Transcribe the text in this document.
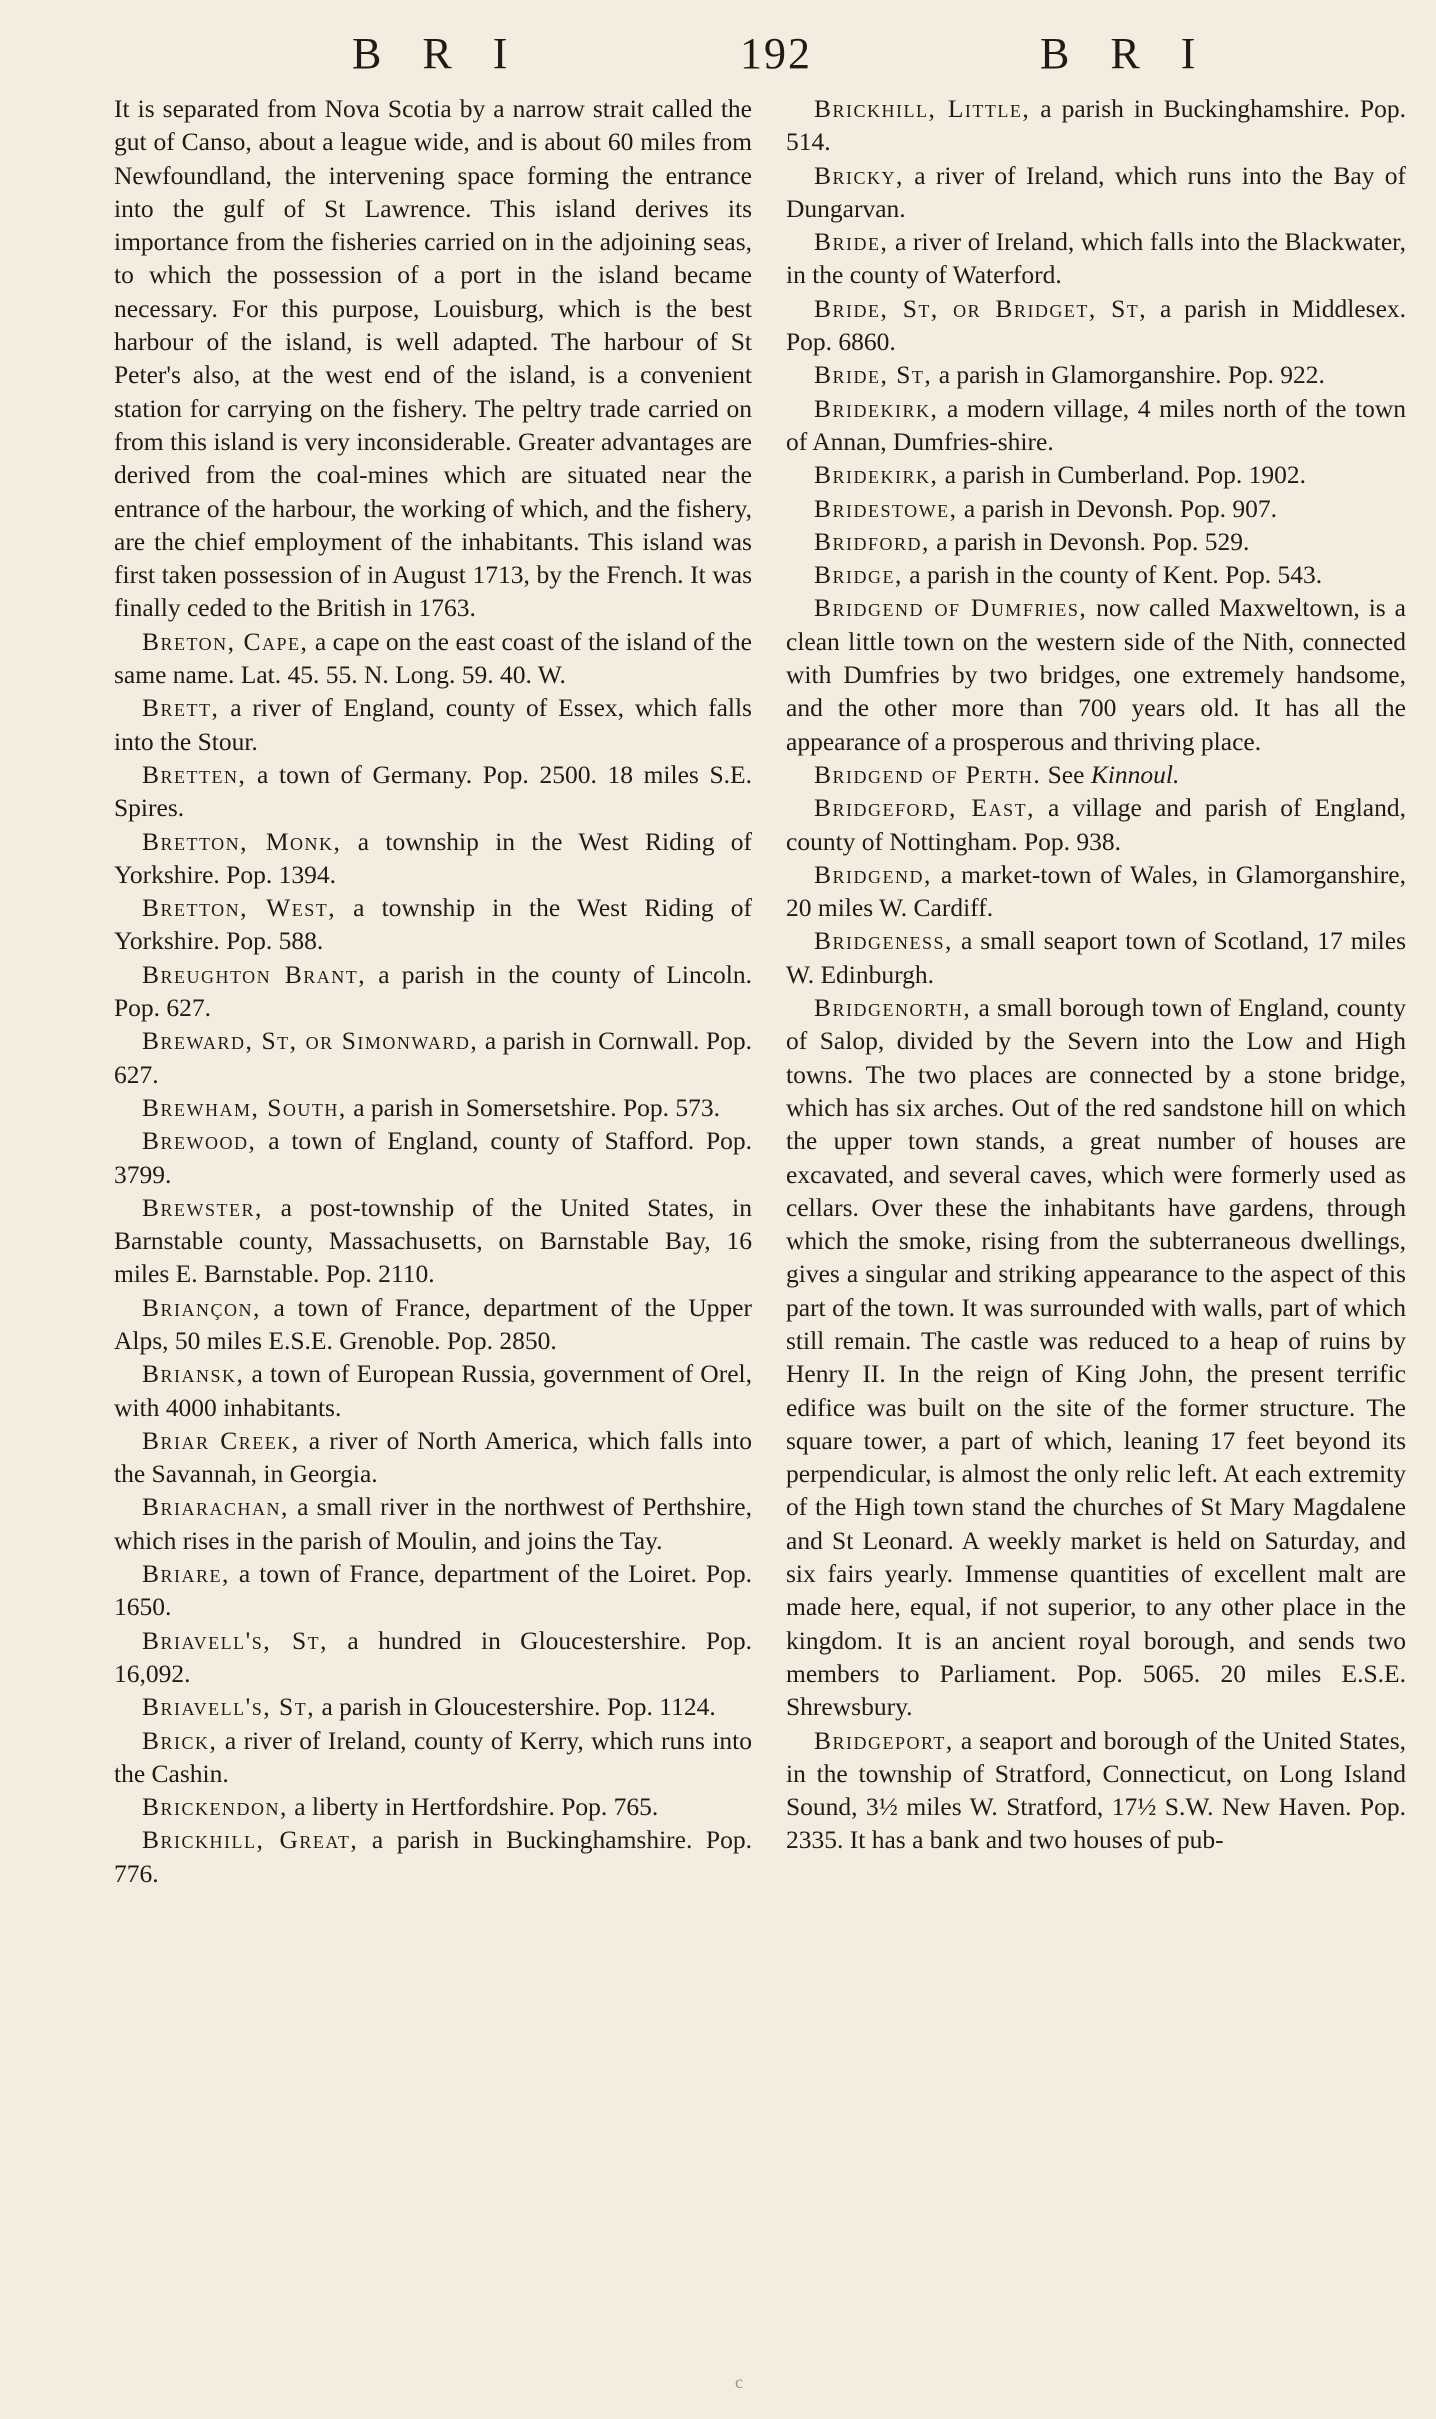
B R I	192	B R I

It is separated from Nova Scotia by a narrow strait called the gut of Canso, about a league wide, and is about 60 miles from Newfoundland, the intervening space forming the entrance into the gulf of St Lawrence. This island derives its importance from the fisheries carried on in the adjoining seas, to which the possession of a port in the island became necessary. For this purpose, Louisburg, which is the best harbour of the island, is well adapted. The harbour of St Peter's also, at the west end of the island, is a convenient station for carrying on the fishery. The peltry trade carried on from this island is very inconsiderable. Greater advantages are derived from the coal-mines which are situated near the entrance of the harbour, the working of which, and the fishery, are the chief employment of the inhabitants. This island was first taken possession of in August 1713, by the French. It was finally ceded to the British in 1763.

Breton, Cape, a cape on the east coast of the island of the same name. Lat. 45. 55. N. Long. 59. 40. W.

Brett, a river of England, county of Essex, which falls into the Stour.

Bretten, a town of Germany. Pop. 2500. 18 miles S.E. Spires.

Bretton, Monk, a township in the West Riding of Yorkshire. Pop. 1394.

Bretton, West, a township in the West Riding of Yorkshire. Pop. 588.

Breughton Brant, a parish in the county of Lincoln. Pop. 627.

Breward, St, or Simonward, a parish in Cornwall. Pop. 627.

Brewham, South, a parish in Somersetshire. Pop. 573.

Brewood, a town of England, county of Stafford. Pop. 3799.

Brewster, a post-township of the United States, in Barnstable county, Massachusetts, on Barnstable Bay, 16 miles E. Barnstable. Pop. 2110.

Briançon, a town of France, department of the Upper Alps, 50 miles E.S.E. Grenoble. Pop. 2850.

Briansk, a town of European Russia, government of Orel, with 4000 inhabitants.

Briar Creek, a river of North America, which falls into the Savannah, in Georgia.

Briarachan, a small river in the northwest of Perthshire, which rises in the parish of Moulin, and joins the Tay.

Briare, a town of France, department of the Loiret. Pop. 1650.

Briavell's, St, a hundred in Gloucestershire. Pop. 16,092.

Briavell's, St, a parish in Gloucestershire. Pop. 1124.

Brick, a river of Ireland, county of Kerry, which runs into the Cashin.

Brickendon, a liberty in Hertfordshire. Pop. 765.

Brickhill, Great, a parish in Buckinghamshire. Pop. 776.

Brickhill, Little, a parish in Buckinghamshire. Pop. 514.

Bricky, a river of Ireland, which runs into the Bay of Dungarvan.

Bride, a river of Ireland, which falls into the Blackwater, in the county of Waterford.

Bride, St, or Bridget, St, a parish in Middlesex. Pop. 6860.

Bride, St, a parish in Glamorganshire. Pop. 922.

Bridekirk, a modern village, 4 miles north of the town of Annan, Dumfries-shire.

Bridekirk, a parish in Cumberland. Pop. 1902.

Bridestowe, a parish in Devonsh. Pop. 907.

Bridford, a parish in Devonsh. Pop. 529.

Bridge, a parish in the county of Kent. Pop. 543.

Bridgend of Dumfries, now called Maxweltown, is a clean little town on the western side of the Nith, connected with Dumfries by two bridges, one extremely handsome, and the other more than 700 years old. It has all the appearance of a prosperous and thriving place.

Bridgend of Perth. See Kinnoul.

Bridgeford, East, a village and parish of England, county of Nottingham. Pop. 938.

Bridgend, a market-town of Wales, in Glamorganshire, 20 miles W. Cardiff.

Bridgeness, a small seaport town of Scotland, 17 miles W. Edinburgh.

Bridgenorth, a small borough town of England, county of Salop, divided by the Severn into the Low and High towns. The two places are connected by a stone bridge, which has six arches. Out of the red sandstone hill on which the upper town stands, a great number of houses are excavated, and several caves, which were formerly used as cellars. Over these the inhabitants have gardens, through which the smoke, rising from the subterraneous dwellings, gives a singular and striking appearance to the aspect of this part of the town. It was surrounded with walls, part of which still remain. The castle was reduced to a heap of ruins by Henry II. In the reign of King John, the present terrific edifice was built on the site of the former structure. The square tower, a part of which, leaning 17 feet beyond its perpendicular, is almost the only relic left. At each extremity of the High town stand the churches of St Mary Magdalene and St Leonard. A weekly market is held on Saturday, and six fairs yearly. Immense quantities of excellent malt are made here, equal, if not superior, to any other place in the kingdom. It is an ancient royal borough, and sends two members to Parliament. Pop. 5065. 20 miles E.S.E. Shrewsbury.

Bridgeport, a seaport and borough of the United States, in the township of Stratford, Connecticut, on Long Island Sound, 3½ miles W. Stratford, 17½ S.W. New Haven. Pop. 2335. It has a bank and two houses of pub-

c
